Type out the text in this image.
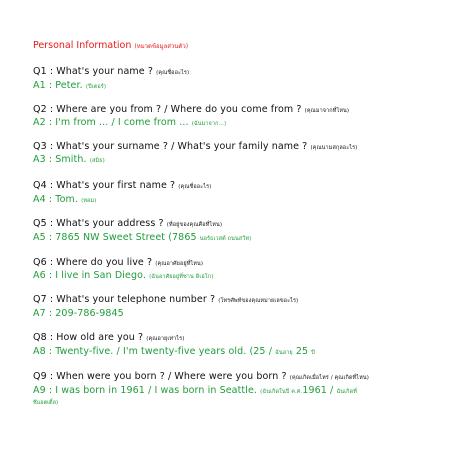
Personal Information (หมวดข้อมูลส่วนตัว)
Q1 : What's your name ? (คุณชื่ออะไร)
A1 : Peter. (ปีเตอร์)
Q2 : Where are you from ? / Where do you come from ? (คุณมาจากที่ไหน)
A2 : I'm from ... / I come from ... (ฉันมาจาก...)
Q3 : What's your surname ? / What's your family name ? (คุณนามสกุลอะไร)
A3 : Smith. (สมิธ)
Q4 : What's your first name ? (คุณชื่ออะไร)
A4 : Tom. (ทอม)
Q5 : What's your address ? (ที่อยู่ของคุณคือที่ไหน)
A5 : 7865 NW Sweet Street (7865 นอร์ธเวสต์ ถนนสวีท)
Q6 : Where do you live ? (คุณอาศัยอยู่ที่ไหน)
A6 : I live in San Diego. (ฉันอาศัยอยู่ที่ซาน ดิเอโก)
Q7 : What's your telephone number ? (โทรศัพท์ของคุณหมายเลขอะไร)
A7 : 209-786-9845
Q8 : How old are you ? (คุณอายุเท่าไร)
A8 : Twenty-five. / I'm twenty-five years old. (25 / ฉันอายุ 25 ปี
Q9 : When were you born ? / Where were you born ? (คุณเกิดเมื่อไหร่ / คุณเกิดที่ไหน)
A9 : I was born in 1961 / I was born in Seattle. (ฉันเกิดในปี ค.ศ.1961 / ฉันเกิดที่
ซีแอตเติ้ล)
